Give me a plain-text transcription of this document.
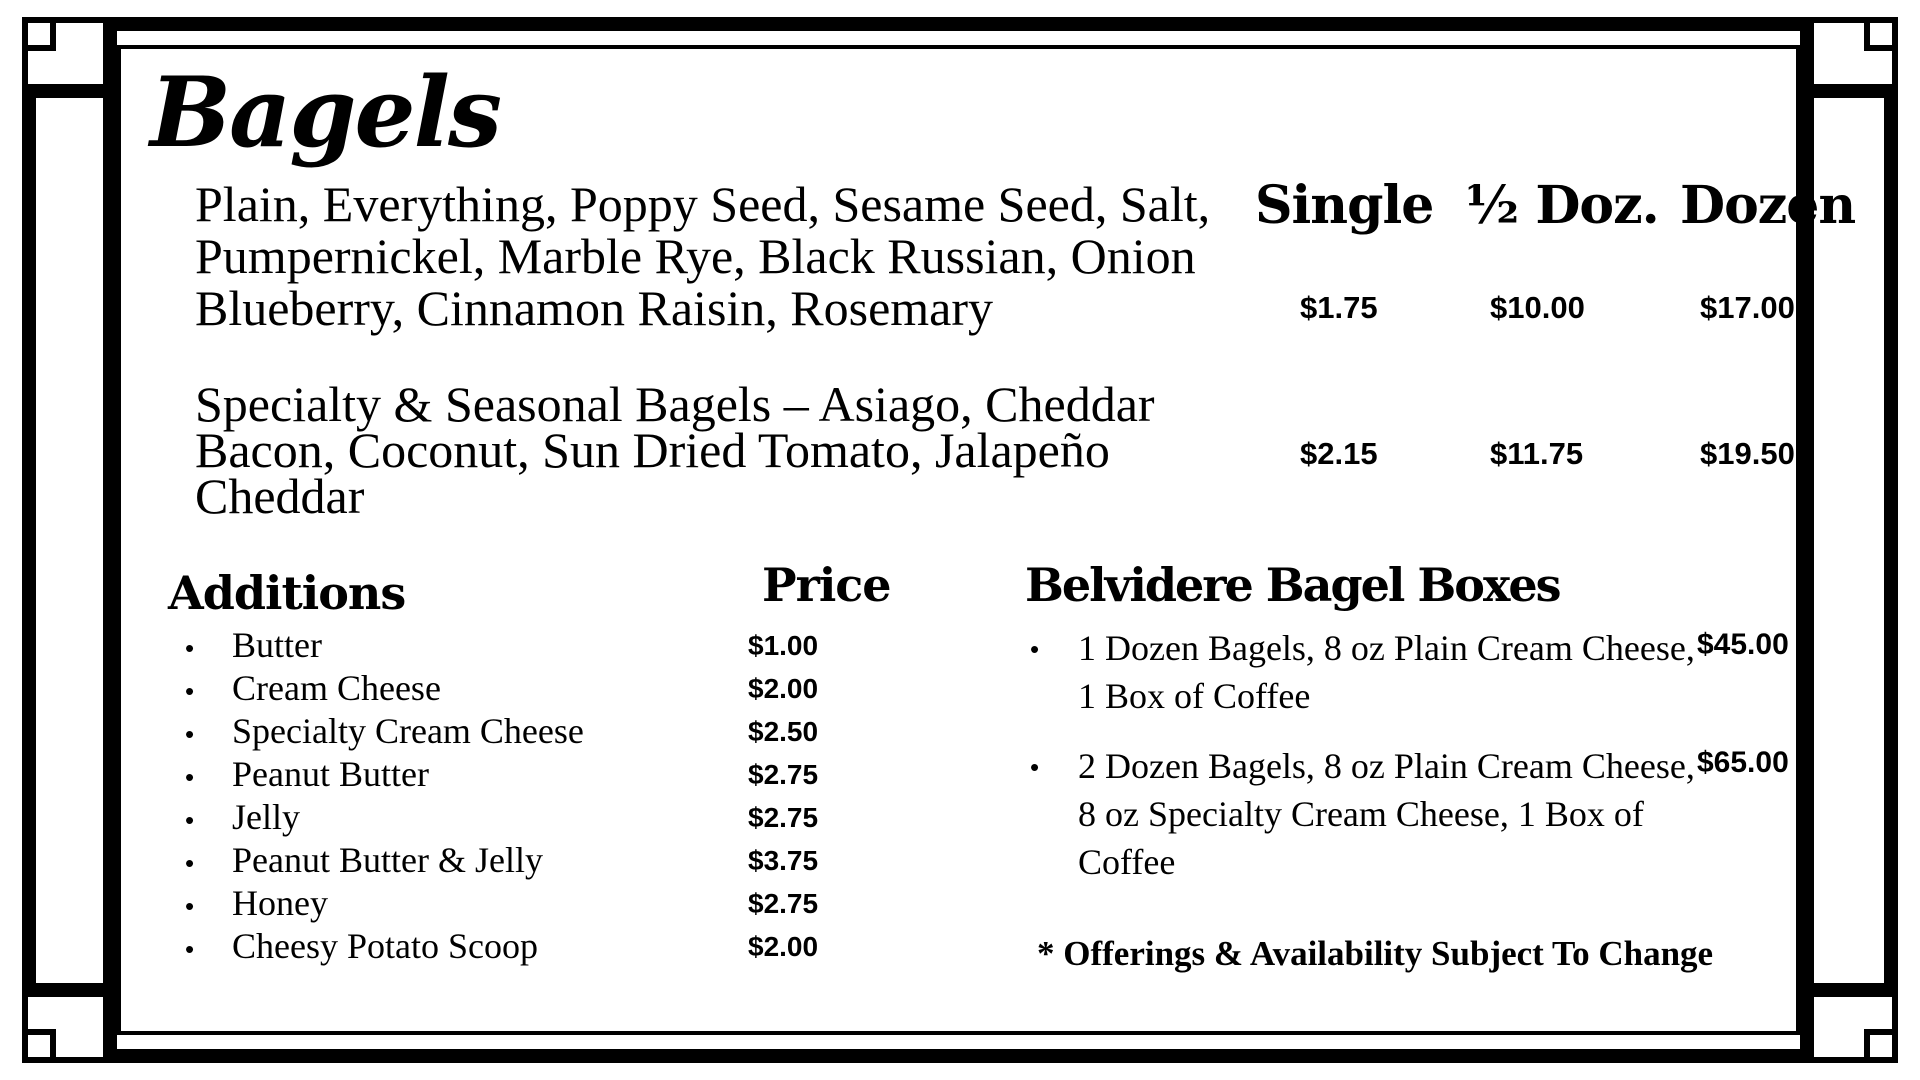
Bagels
Single ½ Doz. Dozen
Plain, Everything, Poppy Seed, Sesame Seed, Salt,
Pumpernickel, Marble Rye, Black Russian, Onion
Blueberry, Cinnamon Raisin, Rosemary	$1.75	$10.00	$17.00
Specialty & Seasonal Bagels – Asiago, Cheddar
Bacon, Coconut, Sun Dried Tomato, Jalapeño
Cheddar
$2.15	$11.75	$19.50
Additions	Price
• Butter	$1.00
• Cream Cheese	$2.00
• Specialty Cream Cheese	$2.50
• Peanut Butter	$2.75
• Jelly	$2.75
• Peanut Butter & Jelly	$3.75
• Honey	$2.75
• Cheesy Potato Scoop	$2.00
Belvidere Bagel Boxes
• 1 Dozen Bagels, 8 oz Plain Cream Cheese, 1 Box of Coffee
$45.00
• 2 Dozen Bagels, 8 oz Plain Cream Cheese, 8 oz Specialty Cream Cheese, 1 Box of Coffee
$65.00
* Offerings & Availability Subject To Change
